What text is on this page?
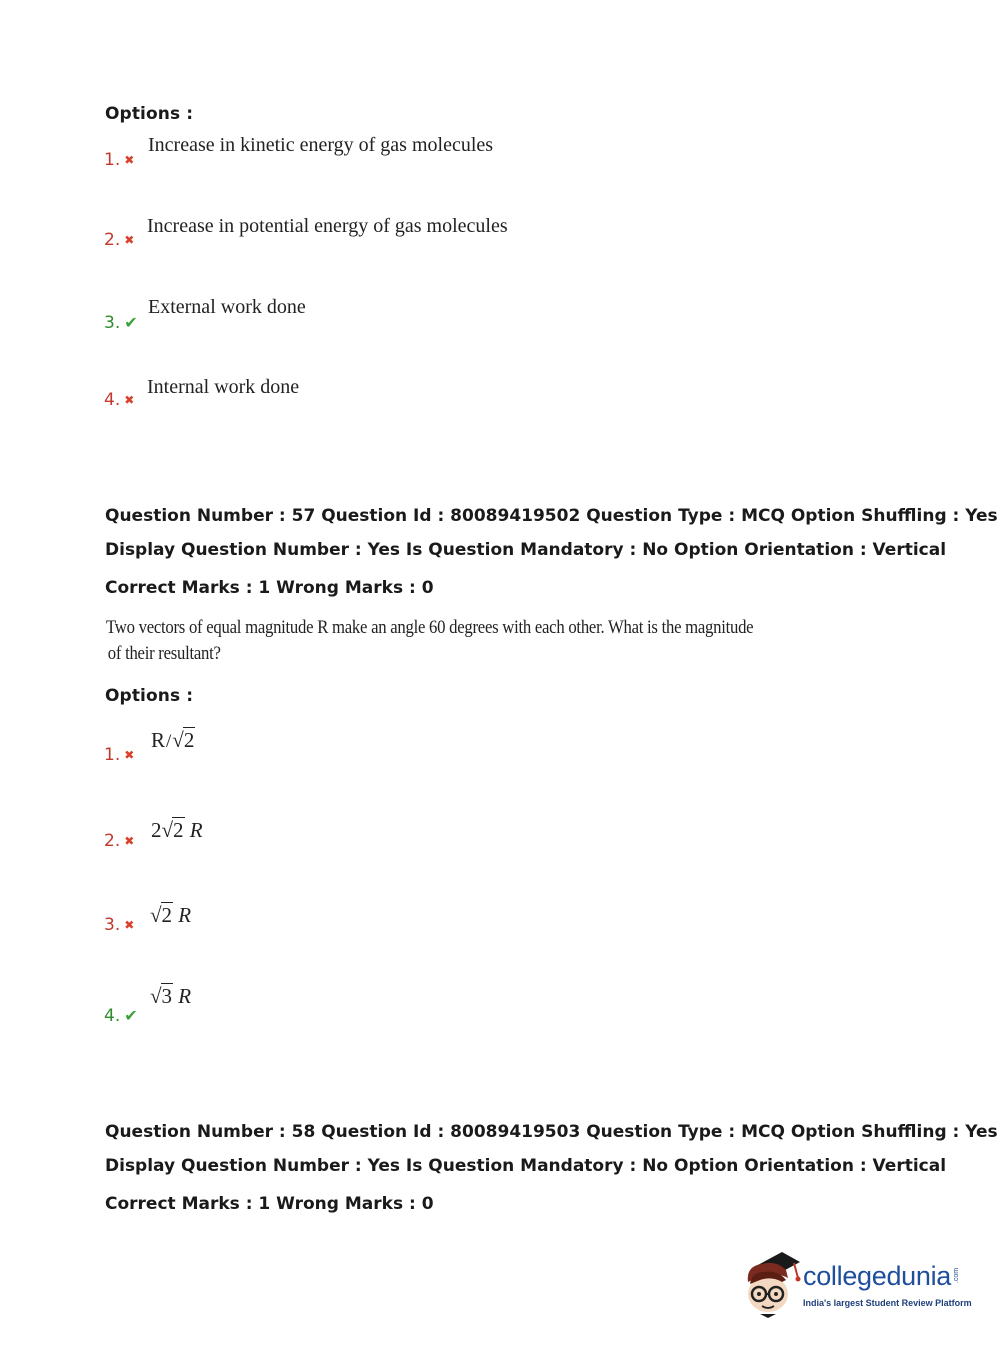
Options :
1. ✖
Increase in kinetic energy of gas molecules
2. ✖
Increase in potential energy of gas molecules
3. ✔
External work done
4. ✖
Internal work done
Question Number : 57 Question Id : 80089419502 Question Type : MCQ Option Shuffling : Yes
Display Question Number : Yes Is Question Mandatory : No Option Orientation : Vertical
Correct Marks : 1 Wrong Marks : 0
Two vectors of equal magnitude R make an angle 60 degrees with each other. What is the magnitude
of their resultant?
Options :
1. ✖
R/√2
2. ✖ 2√2 R
3. ✖ √2 R
4. ✔
√3 R
Question Number : 58 Question Id : 80089419503 Question Type : MCQ Option Shuffling : Yes
Display Question Number : Yes Is Question Mandatory : No Option Orientation : Vertical
Correct Marks : 1 Wrong Marks : 0
collegedunia .com
India's largest Student Review Platform
